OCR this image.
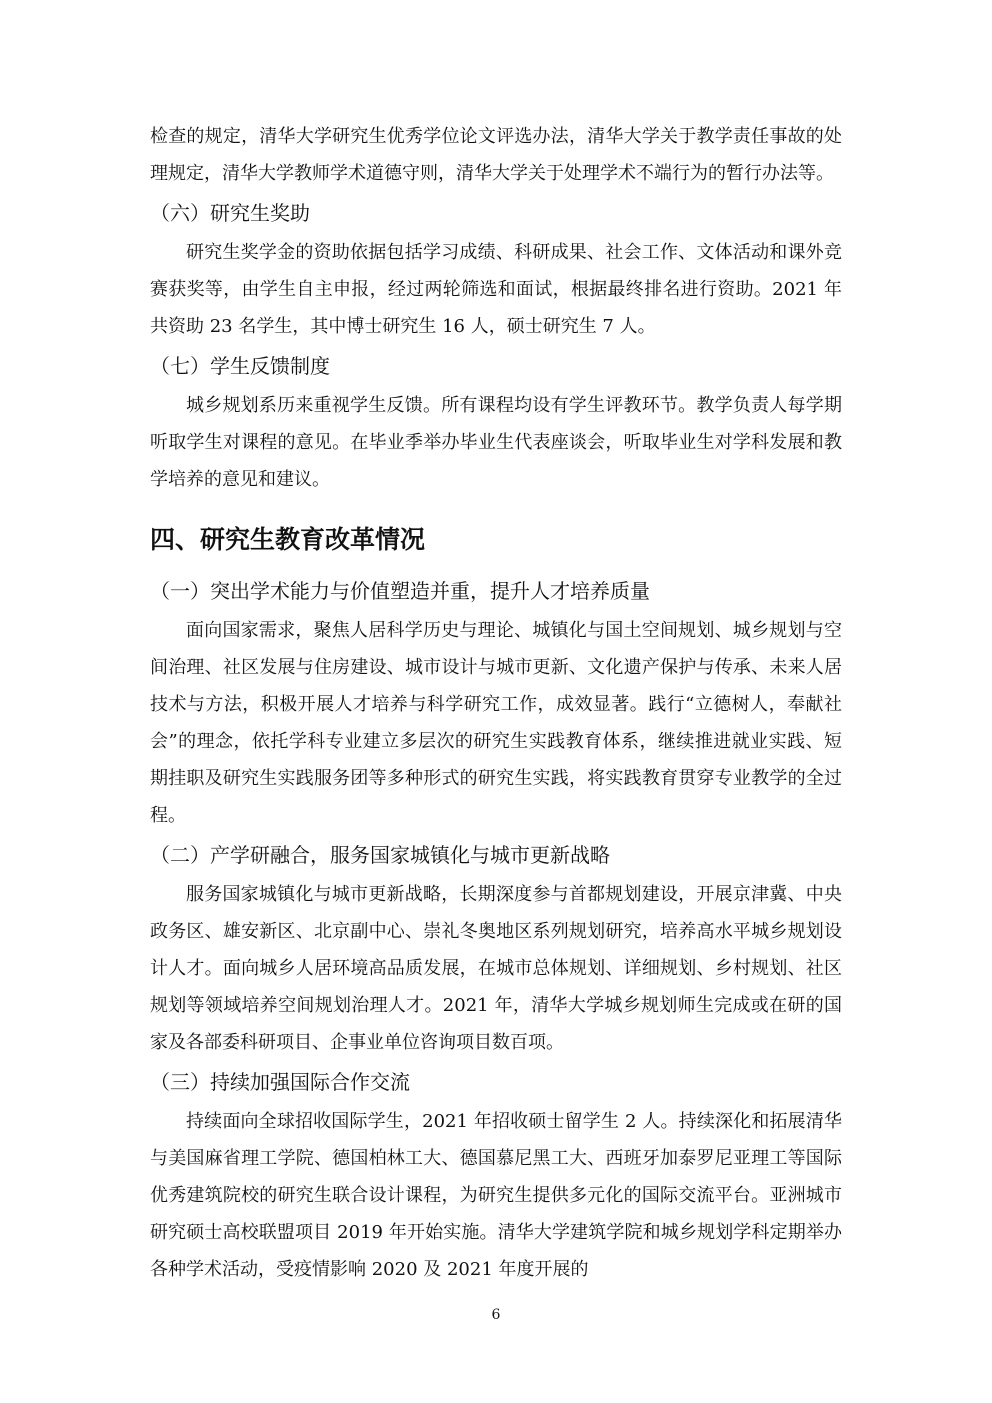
检查的规定，清华大学研究生优秀学位论文评选办法，清华大学关于教学责任事故的处理规定，清华大学教师学术道德守则，清华大学关于处理学术不端行为的暂行办法等。

（六）研究生奖助

研究生奖学金的资助依据包括学习成绩、科研成果、社会工作、文体活动和课外竞赛获奖等，由学生自主申报，经过两轮筛选和面试，根据最终排名进行资助。2021 年共资助 23 名学生，其中博士研究生 16 人，硕士研究生 7 人。

（七）学生反馈制度

城乡规划系历来重视学生反馈。所有课程均设有学生评教环节。教学负责人每学期听取学生对课程的意见。在毕业季举办毕业生代表座谈会，听取毕业生对学科发展和教学培养的意见和建议。

四、研究生教育改革情况
（一）突出学术能力与价值塑造并重，提升人才培养质量

面向国家需求，聚焦人居科学历史与理论、城镇化与国土空间规划、城乡规划与空间治理、社区发展与住房建设、城市设计与城市更新、文化遗产保护与传承、未来人居技术与方法，积极开展人才培养与科学研究工作，成效显著。践行“立德树人，奉献社会”的理念，依托学科专业建立多层次的研究生实践教育体系，继续推进就业实践、短期挂职及研究生实践服务团等多种形式的研究生实践，将实践教育贯穿专业教学的全过程。

（二）产学研融合，服务国家城镇化与城市更新战略

服务国家城镇化与城市更新战略，长期深度参与首都规划建设，开展京津冀、中央政务区、雄安新区、北京副中心、崇礼冬奥地区系列规划研究，培养高水平城乡规划设计人才。面向城乡人居环境高品质发展，在城市总体规划、详细规划、乡村规划、社区规划等领域培养空间规划治理人才。2021 年，清华大学城乡规划师生完成或在研的国家及各部委科研项目、企事业单位咨询项目数百项。

（三）持续加强国际合作交流

持续面向全球招收国际学生，2021 年招收硕士留学生 2 人。持续深化和拓展清华与美国麻省理工学院、德国柏林工大、德国慕尼黑工大、西班牙加泰罗尼亚理工等国际优秀建筑院校的研究生联合设计课程，为研究生提供多元化的国际交流平台。亚洲城市研究硕士高校联盟项目 2019 年开始实施。清华大学建筑学院和城乡规划学科定期举办各种学术活动，受疫情影响 2020 及 2021 年度开展的

6
